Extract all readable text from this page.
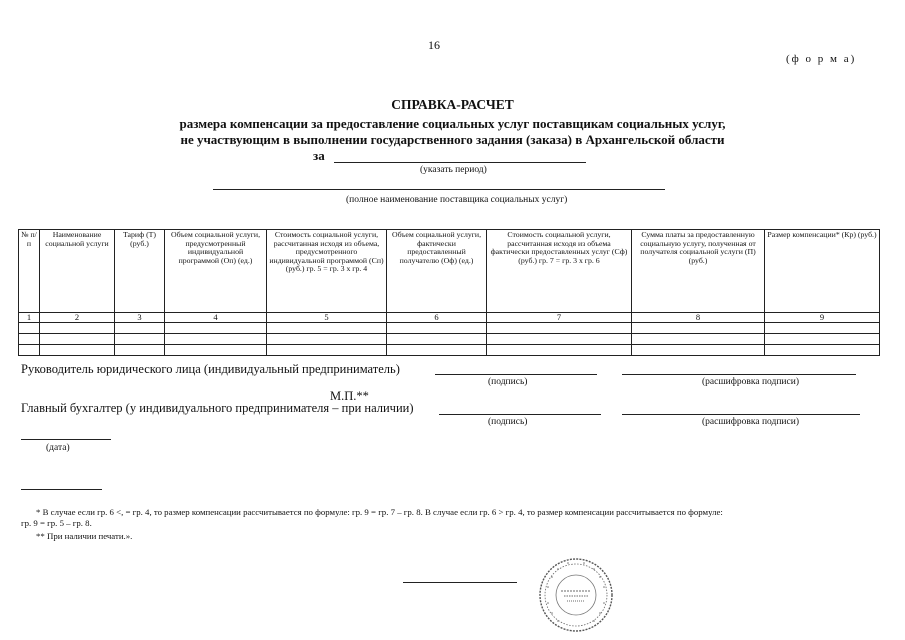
16
(ф о р м а)
СПРАВКА-РАСЧЕТ
размера компенсации за предоставление социальных услуг поставщикам социальных услуг,
не участвующим в выполнении государственного задания (заказа) в Архангельской области
за
(указать период)
(полное наименование поставщика социальных услуг)
№ п/п	Наименование социальной услуги	Тариф (Т) (руб.)	Объем социальной услуги, предусмотренный индивидуальной программой (Оп) (ед.)	Стоимость социальной услуги, рассчитанная исходя из объема, предусмотренного индивидуальной программой (Сп) (руб.) гр. 5 = гр. 3 х гр. 4	Объем социальной услуги, фактически предоставленный получателю (Оф) (ед.)	Стоимость социальной услуги, рассчитанная исходя из объема фактически предоставленных услуг (Сф) (руб.) гр. 7 = гр. 3 х гр. 6	Сумма платы за предоставленную социальную услугу, полученная от получателя социальной услуги (П) (руб.)	Размер компенсации* (Кр) (руб.)
1	2	3	4	5	6	7	8	9

Руководитель юридического лица (индивидуальный предприниматель)
(подпись)	(расшифровка подписи)
М.П.**
Главный бухгалтер (у индивидуального предпринимателя – при наличии)
(подпись)	(расшифровка подписи)
(дата)
* В случае если гр. 6 <, = гр. 4, то размер компенсации рассчитывается по формуле: гр. 9 = гр. 7 – гр. 8. В случае если гр. 6 > гр. 4, то размер компенсации рассчитывается по формуле:
гр. 9 = гр. 5 – гр. 8.
** При наличии печати.».
